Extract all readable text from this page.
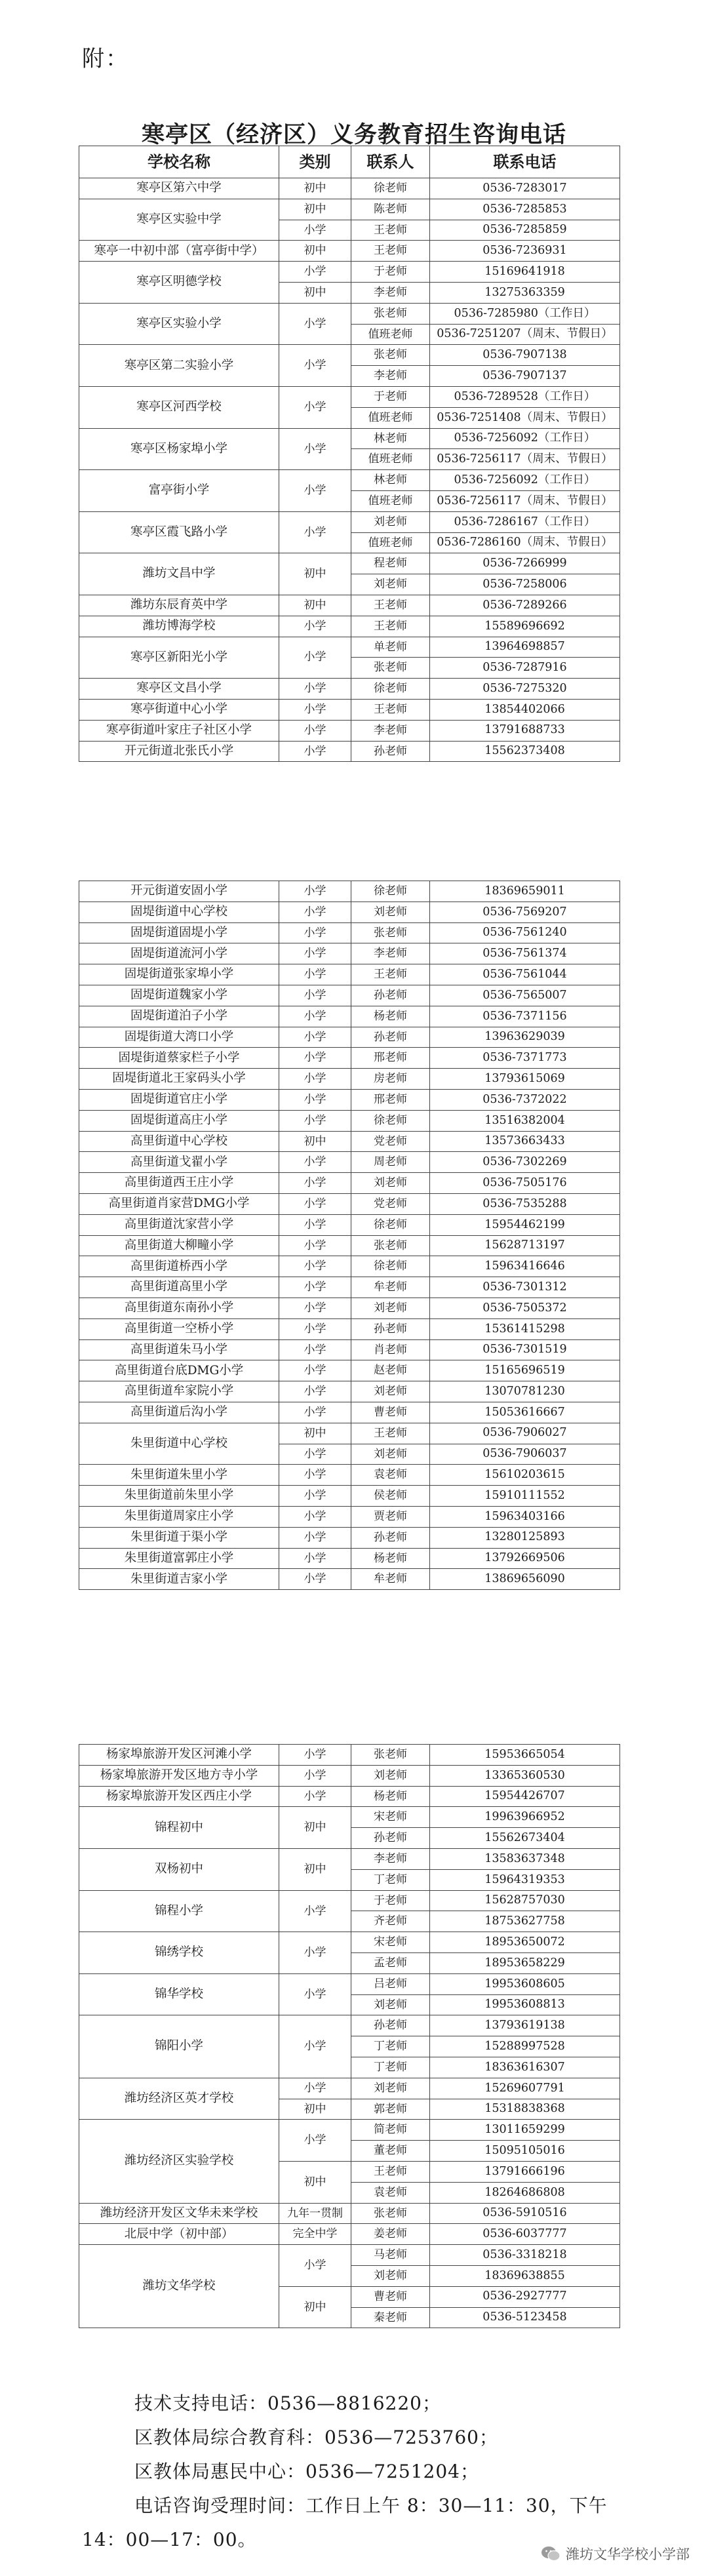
附：
寒亭区（经济区）义务教育招生咨询电话
学校名称	类别	联系人	联系电话
寒亭区第六中学	初中	徐老师	0536-7283017
寒亭区实验中学	初中	陈老师	0536-7285853
	小学	王老师	0536-7285859
寒亭一中初中部（富亭街中学）	初中	王老师	0536-7236931
寒亭区明德学校	小学	于老师	15169641918
	初中	李老师	13275363359
寒亭区实验小学	小学	张老师	0536-7285980（工作日）
		值班老师	0536-7251207（周末、节假日）
寒亭区第二实验小学	小学	张老师	0536-7907138
		李老师	0536-7907137
寒亭区河西学校	小学	于老师	0536-7289528（工作日）
		值班老师	0536-7251408（周末、节假日）
寒亭区杨家埠小学	小学	林老师	0536-7256092（工作日）
		值班老师	0536-7256117（周末、节假日）
富亭街小学	小学	林老师	0536-7256092（工作日）
		值班老师	0536-7256117（周末、节假日）
寒亭区霞飞路小学	小学	刘老师	0536-7286167（工作日）
		值班老师	0536-7286160（周末、节假日）
潍坊文昌中学	初中	程老师	0536-7266999
		刘老师	0536-7258006
潍坊东辰育英中学	初中	王老师	0536-7289266
潍坊博海学校	小学	王老师	15589696692
寒亭区新阳光小学	小学	单老师	13964698857
		张老师	0536-7287916
寒亭区文昌小学	小学	徐老师	0536-7275320
寒亭街道中心小学	小学	王老师	13854402066
寒亭街道叶家庄子社区小学	小学	李老师	13791688733
开元街道北张氏小学	小学	孙老师	15562373408
开元街道安固小学	小学	徐老师	18369659011
固堤街道中心学校	小学	刘老师	0536-7569207
固堤街道固堤小学	小学	张老师	0536-7561240
固堤街道流河小学	小学	李老师	0536-7561374
固堤街道张家埠小学	小学	王老师	0536-7561044
固堤街道魏家小学	小学	孙老师	0536-7565007
固堤街道泊子小学	小学	杨老师	0536-7371156
固堤街道大湾口小学	小学	孙老师	13963629039
固堤街道蔡家栏子小学	小学	邢老师	0536-7371773
固堤街道北王家码头小学	小学	房老师	13793615069
固堤街道官庄小学	小学	邢老师	0536-7372022
固堤街道高庄小学	小学	徐老师	13516382004
高里街道中心学校	初中	党老师	13573663433
高里街道戈翟小学	小学	周老师	0536-7302269
高里街道西王庄小学	小学	刘老师	0536-7505176
高里街道肖家营DMG小学	小学	党老师	0536-7535288
高里街道沈家营小学	小学	徐老师	15954462199
高里街道大柳疃小学	小学	张老师	15628713197
高里街道桥西小学	小学	徐老师	15963416646
高里街道高里小学	小学	牟老师	0536-7301312
高里街道东南孙小学	小学	刘老师	0536-7505372
高里街道一空桥小学	小学	孙老师	15361415298
高里街道朱马小学	小学	肖老师	0536-7301519
高里街道台底DMG小学	小学	赵老师	15165696519
高里街道牟家院小学	小学	刘老师	13070781230
高里街道后沟小学	小学	曹老师	15053616667
朱里街道中心学校	初中	王老师	0536-7906027
	小学	刘老师	0536-7906037
朱里街道朱里小学	小学	袁老师	15610203615
朱里街道前朱里小学	小学	侯老师	15910111552
朱里街道周家庄小学	小学	贾老师	15963403166
朱里街道于渠小学	小学	孙老师	13280125893
朱里街道富郭庄小学	小学	杨老师	13792669506
朱里街道吉家小学	小学	牟老师	13869656090
杨家埠旅游开发区河滩小学	小学	张老师	15953665054
杨家埠旅游开发区地方寺小学	小学	刘老师	13365360530
杨家埠旅游开发区西庄小学	小学	杨老师	15954426707
锦程初中	初中	宋老师	19963966952
		孙老师	15562673404
双杨初中	初中	李老师	13583637348
		丁老师	15964319353
锦程小学	小学	于老师	15628757030
		齐老师	18753627758
锦绣学校	小学	宋老师	18953650072
		孟老师	18953658229
锦华学校	小学	吕老师	19953608605
		刘老师	19953608813
锦阳小学	小学	孙老师	13793619138
		丁老师	15288997528
		丁老师	18363616307
潍坊经济区英才学校	小学	刘老师	15269607791
	初中	郭老师	15318838368
潍坊经济区实验学校	小学	简老师	13011659299
		董老师	15095105016
	初中	王老师	13791666196
		袁老师	18264686808
潍坊经济开发区文华未来学校	九年一贯制	张老师	0536-5910516
北辰中学（初中部）	完全中学	姜老师	0536-6037777
潍坊文华学校	小学	马老师	0536-3318218
		刘老师	18369638855
	初中	曹老师	0536-2927777
		秦老师	0536-5123458
技术支持电话：0536—8816220；
区教体局综合教育科：0536—7253760；
区教体局惠民中心：0536—7251204；
电话咨询受理时间：工作日上午 8：30—11：30，下午
14：00—17：00。
潍坊文华学校小学部
